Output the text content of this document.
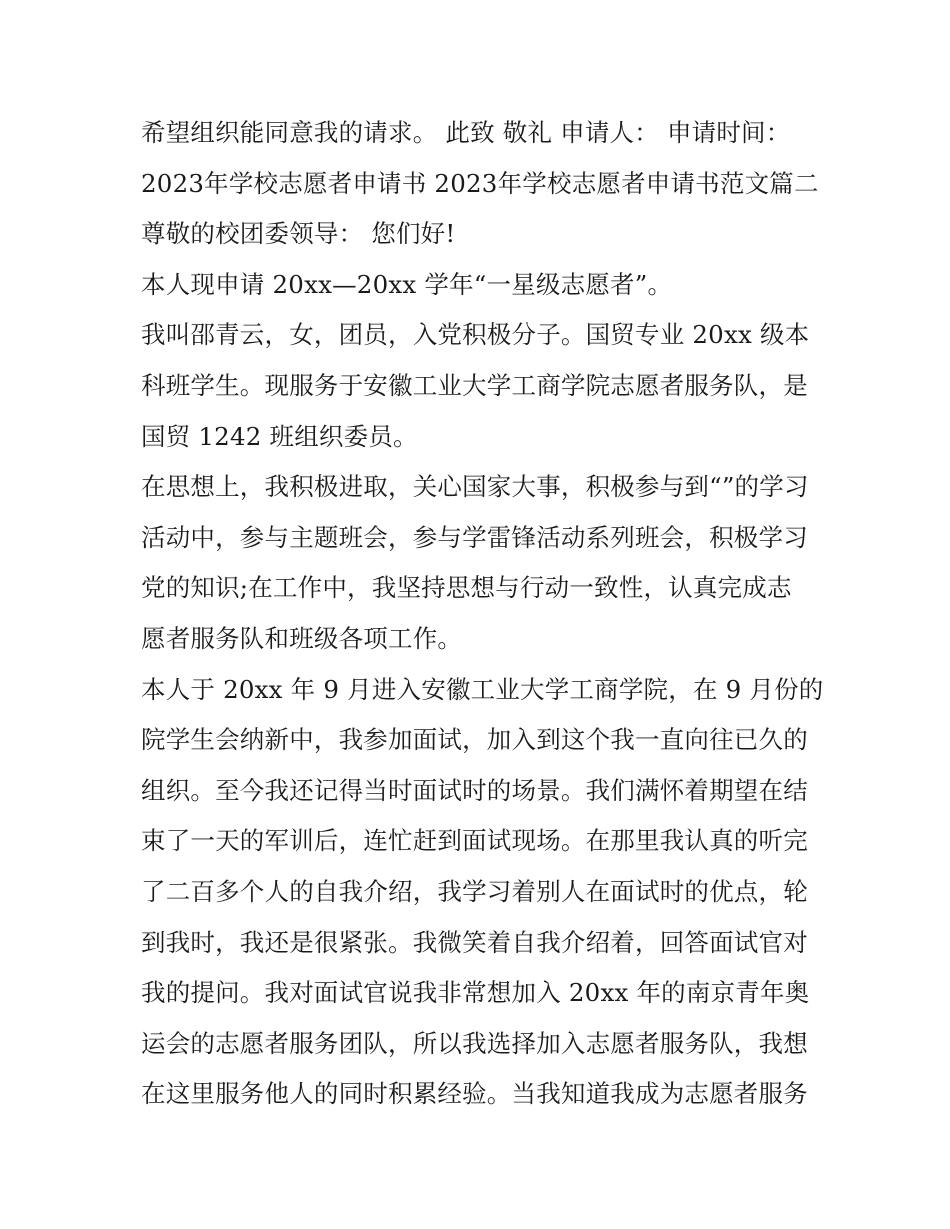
希望组织能同意我的请求。 此致 敬礼 申请人： 申请时间：
2023年学校志愿者申请书 2023年学校志愿者申请书范文篇二
尊敬的校团委领导： 您们好!
本人现申请 20xx—20xx 学年“一星级志愿者”。
我叫邵青云，女，团员，入党积极分子。国贸专业 20xx 级本
科班学生。现服务于安徽工业大学工商学院志愿者服务队，是
国贸 1242 班组织委员。
在思想上，我积极进取，关心国家大事，积极参与到“”的学习
活动中，参与主题班会，参与学雷锋活动系列班会，积极学习
党的知识;在工作中，我坚持思想与行动一致性，认真完成志
愿者服务队和班级各项工作。
本人于 20xx 年 9 月进入安徽工业大学工商学院，在 9 月份的
院学生会纳新中，我参加面试，加入到这个我一直向往已久的
组织。至今我还记得当时面试时的场景。我们满怀着期望在结
束了一天的军训后，连忙赶到面试现场。在那里我认真的听完
了二百多个人的自我介绍，我学习着别人在面试时的优点，轮
到我时，我还是很紧张。我微笑着自我介绍着，回答面试官对
我的提问。我对面试官说我非常想加入 20xx 年的南京青年奥
运会的志愿者服务团队，所以我选择加入志愿者服务队，我想
在这里服务他人的同时积累经验。当我知道我成为志愿者服务
